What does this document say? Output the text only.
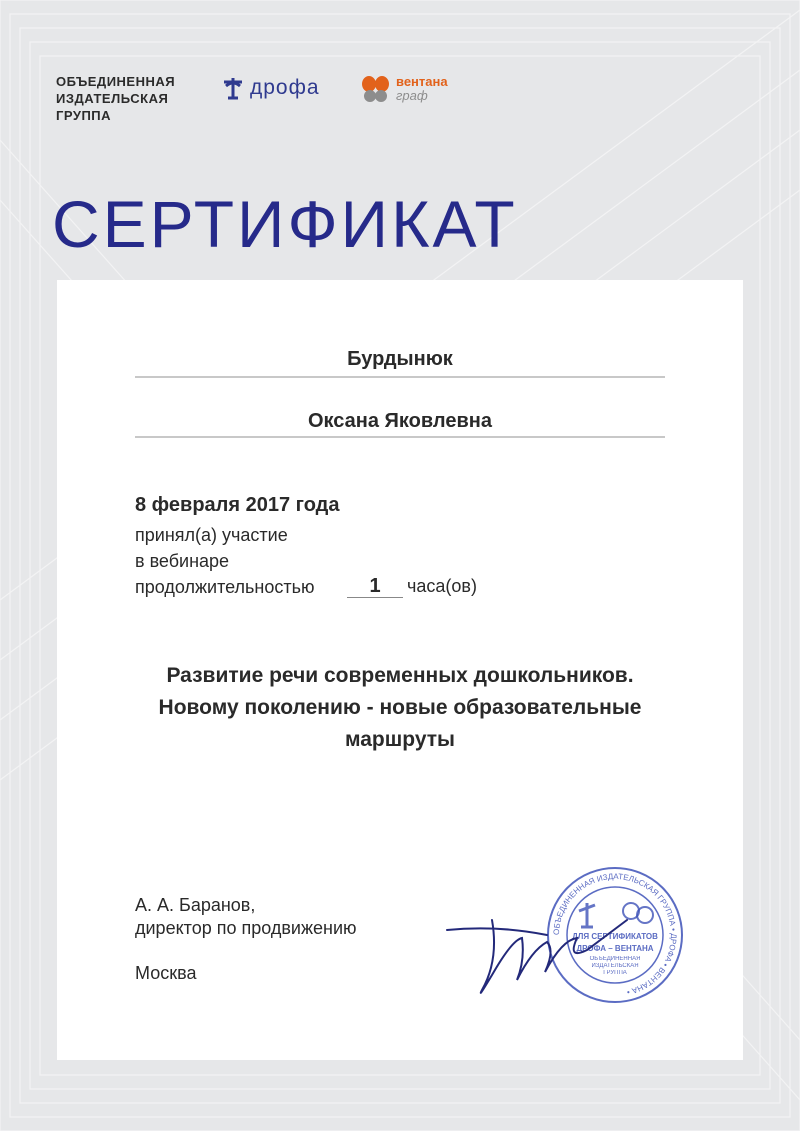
ОБЪЕДИНЕННАЯ
ИЗДАТЕЛЬСКАЯ
ГРУППА
дрофа	вентана
граф
СЕРТИФИКАТ
Бурдынюк
Оксана Яковлевна
8 февраля 2017 года
принял(а) участие
в вебинаре
продолжительностью	1	часа(ов)
Развитие речи современных дошкольников.
Новому поколению - новые образовательные
маршруты
А. А. Баранов,
директор по продвижению
Москва
ОБЪЕДИНЕННАЯ ИЗДАТЕЛЬСКАЯ ГРУППА • ДРОФА • ВЕНТАНА •
ДЛЯ СЕРТИФИКАТОВ
ДРОФА – ВЕНТАНА
ОБЪЕДИНЕННАЯ
ИЗДАТЕЛЬСКАЯ
ГРУППА
